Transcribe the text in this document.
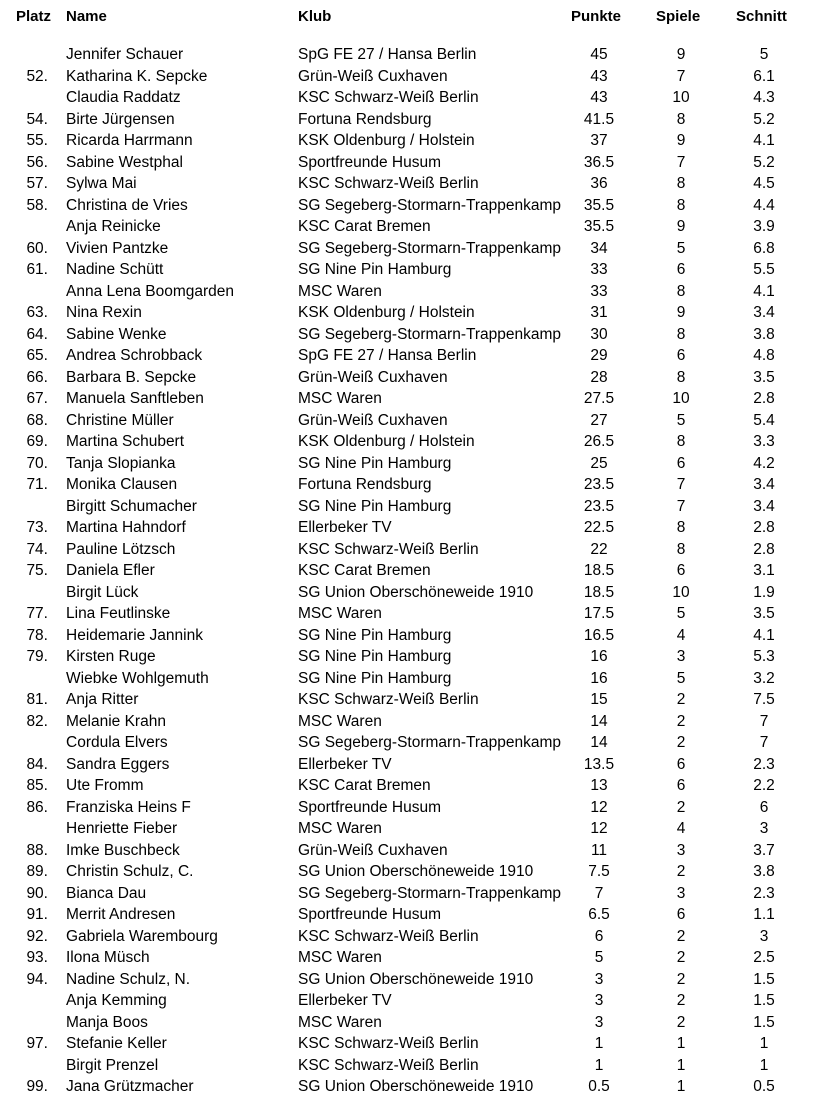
Platz Name	Klub	Punkte Spiele Schnitt
Jennifer Schauer	SpG FE 27 / Hansa Berlin	45	9	5
52. Katharina K. Sepcke	Grün-Weiß Cuxhaven	43	7	6.1
Claudia Raddatz	KSC Schwarz-Weiß Berlin	43	10	4.3
54. Birte Jürgensen	Fortuna Rendsburg	41.5	8	5.2
55. Ricarda Harrmann	KSK Oldenburg / Holstein	37	9	4.1
56. Sabine Westphal	Sportfreunde Husum	36.5	7	5.2
57. Sylwa Mai	KSC Schwarz-Weiß Berlin	36	8	4.5
58. Christina de Vries	SG Segeberg-Stormarn-Trappenkamp	35.5	8	4.4
Anja Reinicke	KSC Carat Bremen	35.5	9	3.9
60. Vivien Pantzke	SG Segeberg-Stormarn-Trappenkamp	34	5	6.8
61. Nadine Schütt	SG Nine Pin Hamburg	33	6	5.5
Anna Lena Boomgarden	MSC Waren	33	8	4.1
63. Nina Rexin	KSK Oldenburg / Holstein	31	9	3.4
64. Sabine Wenke	SG Segeberg-Stormarn-Trappenkamp	30	8	3.8
65. Andrea Schrobback	SpG FE 27 / Hansa Berlin	29	6	4.8
66. Barbara B. Sepcke	Grün-Weiß Cuxhaven	28	8	3.5
67. Manuela Sanftleben	MSC Waren	27.5	10	2.8
68. Christine Müller	Grün-Weiß Cuxhaven	27	5	5.4
69. Martina Schubert	KSK Oldenburg / Holstein	26.5	8	3.3
70. Tanja Slopianka	SG Nine Pin Hamburg	25	6	4.2
71. Monika Clausen	Fortuna Rendsburg	23.5	7	3.4
Birgitt Schumacher	SG Nine Pin Hamburg	23.5	7	3.4
73. Martina Hahndorf	Ellerbeker TV	22.5	8	2.8
74. Pauline Lötzsch	KSC Schwarz-Weiß Berlin	22	8	2.8
75. Daniela Efler	KSC Carat Bremen	18.5	6	3.1
Birgit Lück	SG Union Oberschöneweide 1910	18.5	10	1.9
77. Lina Feutlinske	MSC Waren	17.5	5	3.5
78. Heidemarie Jannink	SG Nine Pin Hamburg	16.5	4	4.1
79. Kirsten Ruge	SG Nine Pin Hamburg	16	3	5.3
Wiebke Wohlgemuth	SG Nine Pin Hamburg	16	5	3.2
81. Anja Ritter	KSC Schwarz-Weiß Berlin	15	2	7.5
82. Melanie Krahn	MSC Waren	14	2	7
Cordula Elvers	SG Segeberg-Stormarn-Trappenkamp	14	2	7
84. Sandra Eggers	Ellerbeker TV	13.5	6	2.3
85. Ute Fromm	KSC Carat Bremen	13	6	2.2
86. Franziska Heins F	Sportfreunde Husum	12	2	6
Henriette Fieber	MSC Waren	12	4	3
88. Imke Buschbeck	Grün-Weiß Cuxhaven	11	3	3.7
89. Christin Schulz, C.	SG Union Oberschöneweide 1910	7.5	2	3.8
90. Bianca Dau	SG Segeberg-Stormarn-Trappenkamp	7	3	2.3
91. Merrit Andresen	Sportfreunde Husum	6.5	6	1.1
92. Gabriela Warembourg	KSC Schwarz-Weiß Berlin	6	2	3
93. Ilona Müsch	MSC Waren	5	2	2.5
94. Nadine Schulz, N.	SG Union Oberschöneweide 1910	3	2	1.5
Anja Kemming	Ellerbeker TV	3	2	1.5
Manja Boos	MSC Waren	3	2	1.5
97. Stefanie Keller	KSC Schwarz-Weiß Berlin	1	1	1
Birgit Prenzel	KSC Schwarz-Weiß Berlin	1	1	1
99. Jana Grützmacher	SG Union Oberschöneweide 1910	0.5	1	0.5
